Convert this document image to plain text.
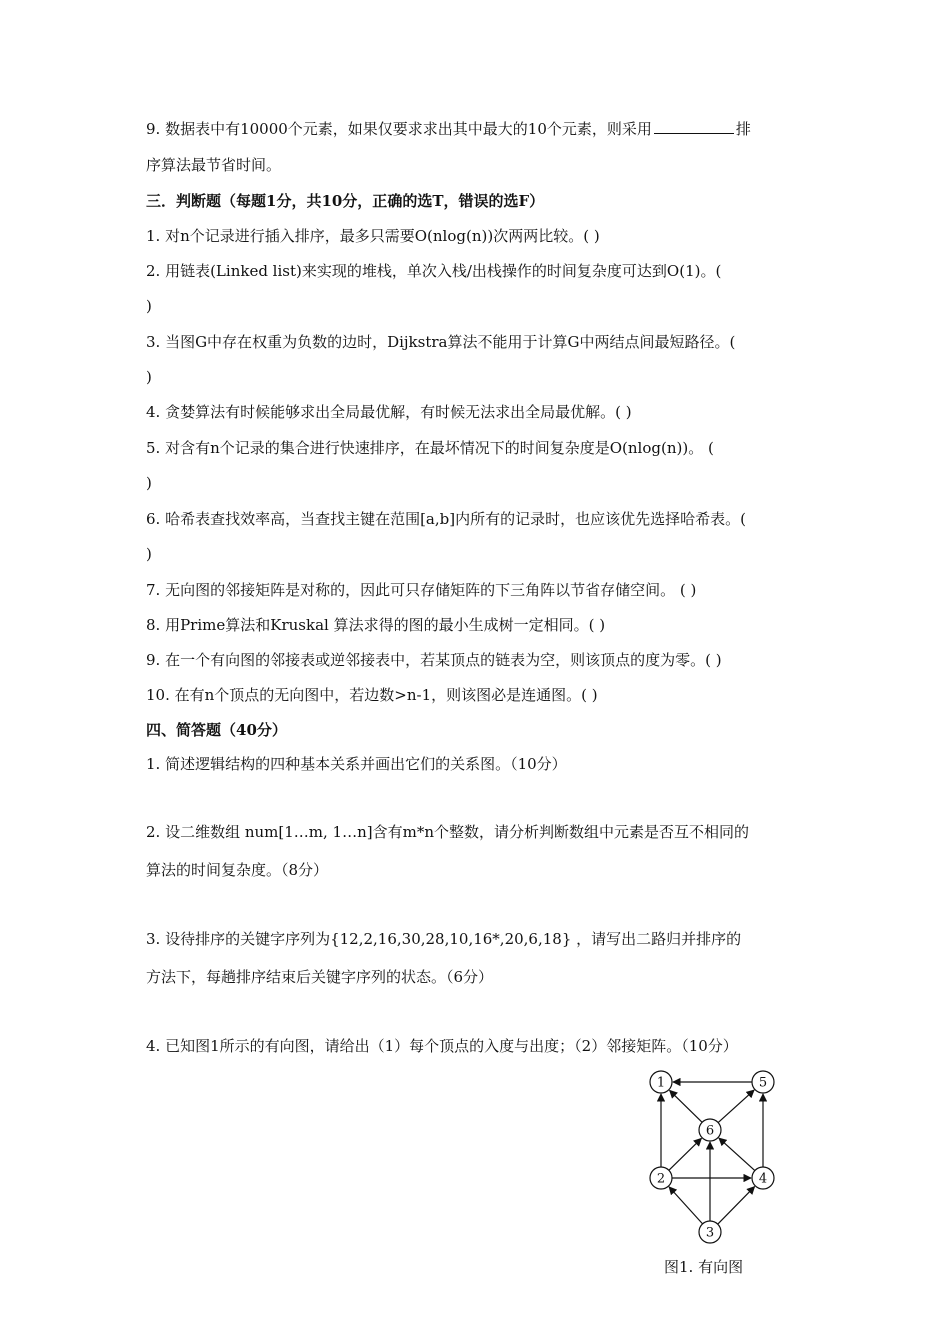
9. 数据表中有10000个元素，如果仅要求求出其中最大的10个元素，则采用	排
序算法最节省时间。
三．判断题（每题1分，共10分，正确的选T，错误的选F）
1. 对n个记录进行插入排序，最多只需要O(nlog(n))次两两比较。( )
2. 用链表(Linked list)来实现的堆栈，单次入栈/出栈操作的时间复杂度可达到O(1)。(
)
3. 当图G中存在权重为负数的边时，Dijkstra算法不能用于计算G中两结点间最短路径。(
)
4. 贪婪算法有时候能够求出全局最优解，有时候无法求出全局最优解。( )
5. 对含有n个记录的集合进行快速排序，在最坏情况下的时间复杂度是O(nlog(n))。 (
)
6. 哈希表查找效率高，当查找主键在范围[a,b]内所有的记录时，也应该优先选择哈希表。(
)
7. 无向图的邻接矩阵是对称的，因此可只存储矩阵的下三角阵以节省存储空间。 ( )
8. 用Prime算法和Kruskal 算法求得的图的最小生成树一定相同。( )
9. 在一个有向图的邻接表或逆邻接表中，若某顶点的链表为空，则该顶点的度为零。( )
10. 在有n个顶点的无向图中，若边数>n-1，则该图必是连通图。( )
四、简答题（40分）
1. 简述逻辑结构的四种基本关系并画出它们的关系图。（10分）
2. 设二维数组 num[1…m, 1…n]含有m*n个整数，请分析判断数组中元素是否互不相同的
算法的时间复杂度。（8分）
3. 设待排序的关键字序列为{12,2,16,30,28,10,16*,20,6,18} ，请写出二路归并排序的
方法下，每趟排序结束后关键字序列的状态。（6分）
4. 已知图1所示的有向图，请给出（1）每个顶点的入度与出度；（2）邻接矩阵。（10分）
1
2
3
4
5
6
图1. 有向图
